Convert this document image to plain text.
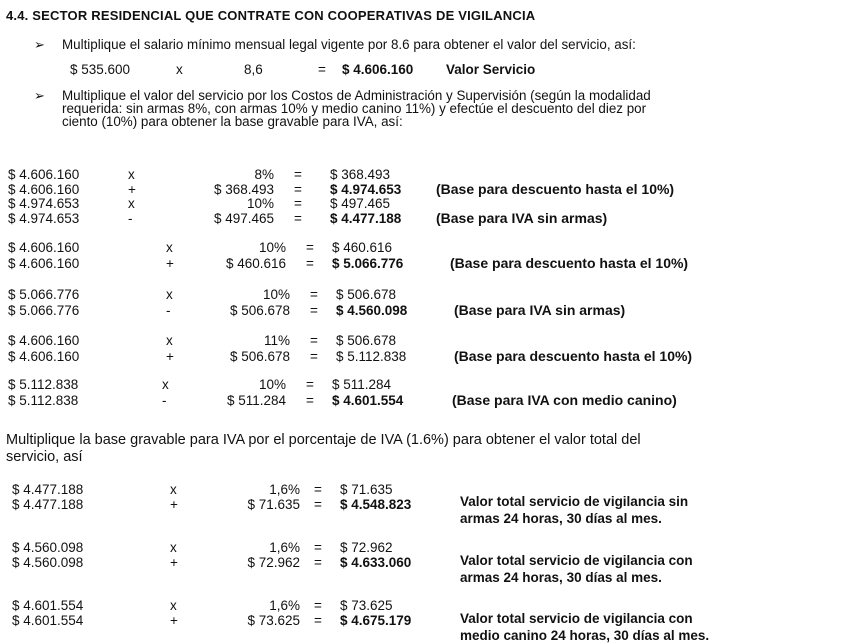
4.4. SECTOR RESIDENCIAL QUE CONTRATE CON COOPERATIVAS DE VIGILANCIA
➢ Multiplique el salario mínimo mensual legal vigente por 8.6 para obtener el valor del servicio, así:
$ 535.600	x	8,6	= $ 4.606.160 Valor Servicio
➢ Multiplique el valor del servicio por los Costos de Administración y Supervisión (según la modalidad
requerida: sin armas 8%, con armas 10% y medio canino 11%) y efectúe el descuento del diez por
ciento (10%) para obtener la base gravable para IVA, así:
$ 4.606.160	x	8% = $ 368.493
$ 4.606.160	+	$ 368.493 = $ 4.974.653 (Base para descuento hasta el 10%)
$ 4.974.653	x	10% = $ 497.465
$ 4.974.653	-	$ 497.465 = $ 4.477.188 (Base para IVA sin armas)
$ 4.606.160	x	10% = $ 460.616
$ 4.606.160	+	$ 460.616 = $ 5.066.776	(Base para descuento hasta el 10%)
$ 5.066.776	x	10% = $ 506.678
$ 5.066.776	-	$ 506.678 = $ 4.560.098	(Base para IVA sin armas)
$ 4.606.160	x	11% = $ 506.678
$ 4.606.160	+	$ 506.678 = $ 5.112.838	(Base para descuento hasta el 10%)
$ 5.112.838	x	10% = $ 511.284
$ 5.112.838	-	$ 511.284 = $ 4.601.554	(Base para IVA con medio canino)
Multiplique la base gravable para IVA por el porcentaje de IVA (1.6%) para obtener el valor total del
servicio, así
$ 4.477.188	x	1,6% = $ 71.635
$ 4.477.188	+	$ 71.635 = $ 4.548.823	Valor total servicio de vigilancia sin
armas 24 horas, 30 días al mes.
$ 4.560.098	x	1,6% = $ 72.962
$ 4.560.098	+	$ 72.962 = $ 4.633.060	Valor total servicio de vigilancia con
armas 24 horas, 30 días al mes.
$ 4.601.554	x	1,6% = $ 73.625
$ 4.601.554	+	$ 73.625 = $ 4.675.179	Valor total servicio de vigilancia con
medio canino 24 horas, 30 días al mes.
